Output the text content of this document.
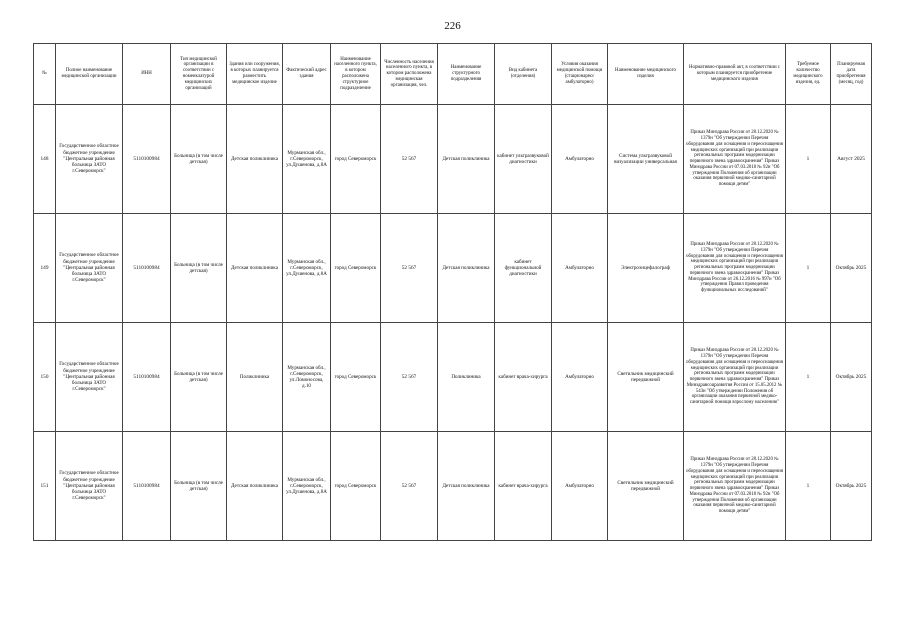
226
№	Полное наименование медицинской организации	ИНН	Тип медицинской организации в соответствии с номенклатурой медицинских организаций	Здания или сооружения, в которых планируется разместить медицинское изделие	Фактический адрес здания	Наименование населенного пункта, в котором расположена структурное подразделение	Численность населения населенного пункта, в котором расположена медицинская организация, чел.	Наименование структурного подразделения	Вид кабинета (отделения)	Условия оказания медицинской помощи (стационарно/амбулаторно)	Наименование медицинского изделия	Нормативно-правовой акт, в соответствии с которым планируется приобретение медицинского изделия	Требуемое количество медицинского изделия, ед.	Планируемая дата приобретения (месяц, год)
148	Государственное областное бюджетное учреждение "Центральная районная больница ЗАТО г.Североморск"	5110100984	Больница (в том числе детская)	Детская поликлиника	Мурманская обл., г.Североморск, ул.Душенова, д.8А	город Североморск	52 567	Детская поликлиника	кабинет ультразвуковой диагностики	Амбулаторно	Система ультразвуковой визуализации универсальная	Приказ Минздрава России от 28.12.2020 № 1379н "Об утверждении Перечня оборудования для оснащения и переоснащения медицинских организаций при реализации региональных программ модернизации первичного звена здравоохранения" Приказ Минздрава России от 07.03.2018 № 92н "Об утверждении Положения об организации оказания первичной медико-санитарной помощи детям"	1	Август 2025
149	Государственное областное бюджетное учреждение "Центральная районная больница ЗАТО г.Североморск"	5110100984	Больница (в том числе детская)	Детская поликлиника	Мурманская обл., г.Североморск, ул.Душенова, д.8А	город Североморск	52 567	Детская поликлиника	кабинет функциональной диагностики	Амбулаторно	Электроэнцефалограф	Приказ Минздрава России от 28.12.2020 № 1379н "Об утверждении Перечня оборудования для оснащения и переоснащения медицинских организаций при реализации региональных программ модернизации первичного звена здравоохранения" Приказ Минздрава России от 26.12.2016 № 997н "Об утверждении Правил проведения функциональных исследований"	1	Октябрь 2025
150	Государственное областное бюджетное учреждение "Центральная районная больница ЗАТО г.Североморск"	5110100984	Больница (в том числе детская)	Поликлиника	Мурманская обл., г.Североморск, ул.Ломоносова, д.10	город Североморск	52 567	Поликлиника	кабинет врача-хирурга	Амбулаторно	Светильник медицинский передвижной	Приказ Минздрава России от 28.12.2020 № 1379н "Об утверждении Перечня оборудования для оснащения и переоснащения медицинских организаций при реализации региональных программ модернизации первичного звена здравоохранения" Приказ Минздравсоцразвития России от 15.05.2012 № 543н "Об утверждении Положения об организации оказания первичной медико-санитарной помощи взрослому населению"	1	Октябрь 2025
151	Государственное областное бюджетное учреждение "Центральная районная больница ЗАТО г.Североморск"	5110100984	Больница (в том числе детская)	Детская поликлиника	Мурманская обл., г.Североморск, ул.Душенова, д.8А	город Североморск	52 567	Детская поликлиника	кабинет врача-хирурга	Амбулаторно	Светильник медицинский передвижной	Приказ Минздрава России от 28.12.2020 № 1379н "Об утверждении Перечня оборудования для оснащения и переоснащения медицинских организаций при реализации региональных программ модернизации первичного звена здравоохранения" Приказ Минздрава России от 07.03.2018 № 92н "Об утверждении Положения об организации оказания первичной медико-санитарной помощи детям"	1	Октябрь 2025
